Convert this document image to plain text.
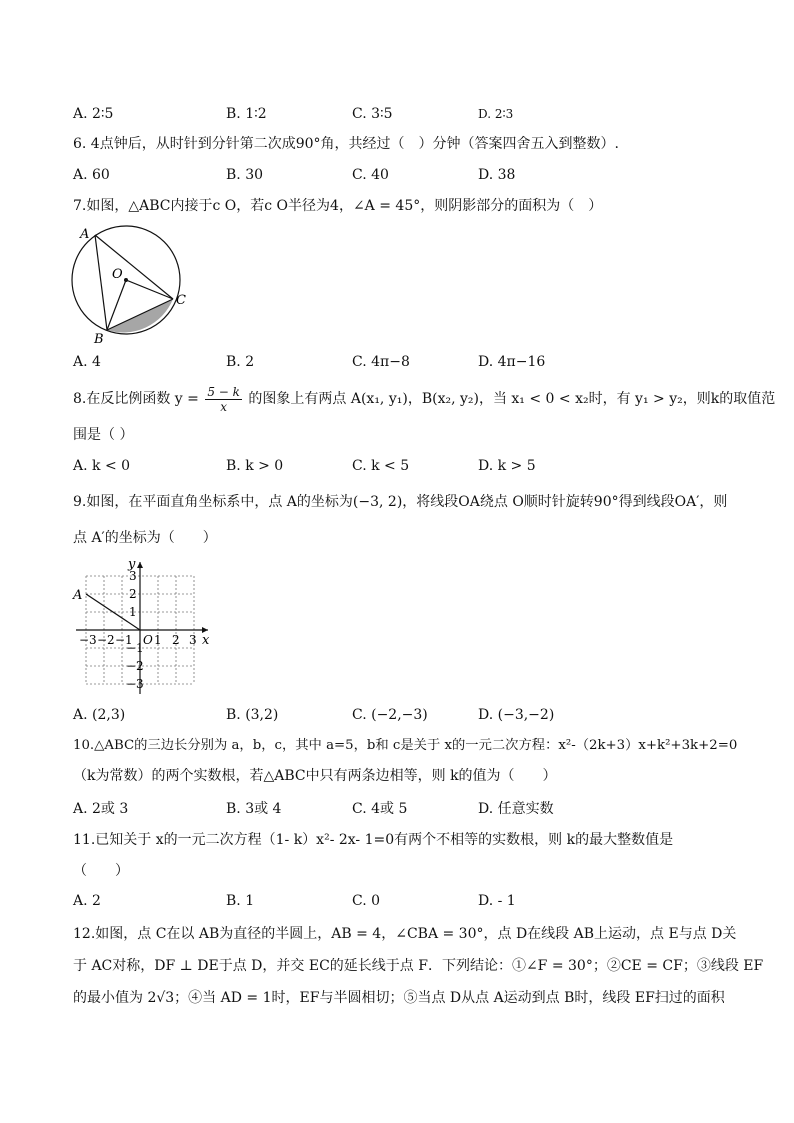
A. 2∶5	B. 1∶2	C. 3∶5	D. 2∶3
6. 4点钟后，从时针到分针第二次成90°角，共经过（　）分钟（答案四舍五入到整数）.
A. 60	B. 30	C. 40	D. 38
7.如图，△ABC内接于c O，若c O半径为4，∠A = 45°，则阴影部分的面积为（　）
A
O
B
C
A. 4	B. 2	C. 4π−8	D. 4π−16
8.在反比例函数 $y = \frac{5 - k}{x}$ 的图象上有两点 A(x₁, y₁)，B(x₂, y₂)，当 x₁ < 0 < x₂时，有 y₁ > y₂，则k的取值范
围是（ ）
A. k < 0	B. k > 0	C. k < 5	D. k > 5
9.如图，在平面直角坐标系中，点 A的坐标为(−3, 2)，将线段OA绕点 O顺时针旋转90°得到线段OA′，则
点 A′的坐标为（　　）
y
x
A
O
−3 −2 −1 1 2 3
3
2
1
−1
−2
−3
A. (2,3)	B. (3,2)	C. (−2,−3)	D. (−3,−2)
10.△ABC的三边长分别为 a，b，c，其中 a=5，b和 c是关于 x的一元二次方程：x²-（2k+3）x+k²+3k+2=0
（k为常数）的两个实数根，若△ABC中只有两条边相等，则 k的值为（　　）
A. 2或 3	B. 3或 4	C. 4或 5	D. 任意实数
11.已知关于 x的一元二次方程（1- k）x²- 2x- 1=0有两个不相等的实数根，则 k的最大整数值是
（　　）
A. 2	B. 1	C. 0	D. - 1
12.如图，点 C在以 AB为直径的半圆上，AB = 4，∠CBA = 30°，点 D在线段 AB上运动，点 E与点 D关
于 AC对称，DF ⊥ DE于点 D，并交 EC的延长线于点 F．下列结论：①∠F = 30°；②CE = CF；③线段 EF
的最小值为 2√3；④当 AD = 1时，EF与半圆相切；⑤当点 D从点 A运动到点 B时，线段 EF扫过的面积
